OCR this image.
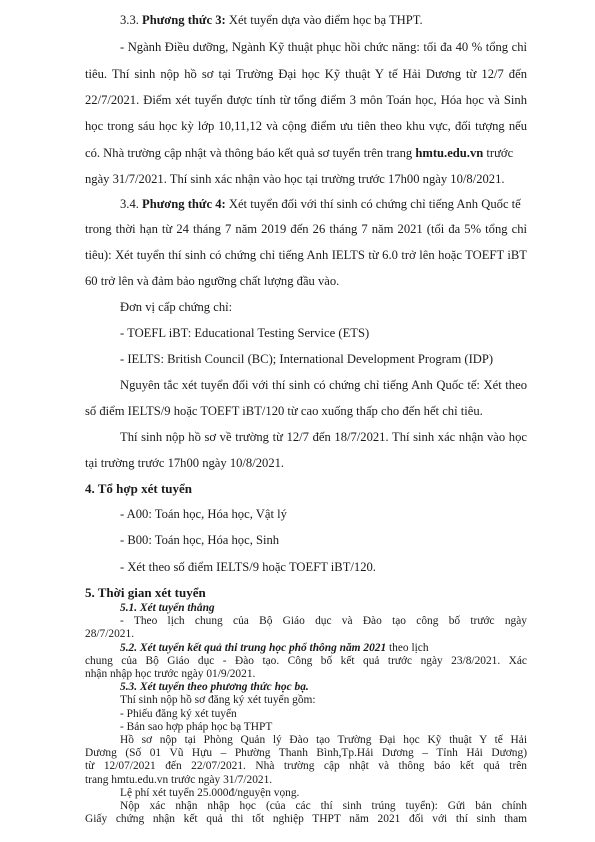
3.3. Phương thức 3: Xét tuyển dựa vào điểm học bạ THPT.
- Ngành Điều dưỡng, Ngành Kỹ thuật phục hồi chức năng: tối đa 40 % tổng chỉ
tiêu. Thí sinh nộp hồ sơ tại Trường Đại học Kỹ thuật Y tế Hải Dương từ 12/7 đến
22/7/2021. Điểm xét tuyển được tính từ tổng điểm 3 môn Toán học, Hóa học và Sinh
học trong sáu học kỳ lớp 10,11,12 và cộng điểm ưu tiên theo khu vực, đối tượng nếu
có. Nhà trường cập nhật và thông báo kết quả sơ tuyển trên trang hmtu.edu.vn trước
ngày 31/7/2021. Thí sinh xác nhận vào học tại trường trước 17h00 ngày 10/8/2021.
3.4. Phương thức 4: Xét tuyển đối với thí sinh có chứng chỉ tiếng Anh Quốc tế
trong thời hạn từ 24 tháng 7 năm 2019 đến 26 tháng 7 năm 2021 (tối đa 5% tổng chỉ
tiêu): Xét tuyển thí sinh có chứng chỉ tiếng Anh IELTS từ 6.0 trở lên hoặc TOEFT iBT
60 trở lên và đảm bảo ngưỡng chất lượng đầu vào.
Đơn vị cấp chứng chỉ:
- TOEFL iBT: Educational Testing Service (ETS)
- IELTS: British Council (BC); International Development Program (IDP)
Nguyên tắc xét tuyển đối với thí sinh có chứng chỉ tiếng Anh Quốc tế: Xét theo
số điểm IELTS/9 hoặc TOEFT iBT/120 từ cao xuống thấp cho đến hết chỉ tiêu.
Thí sinh nộp hồ sơ về trường từ 12/7 đến 18/7/2021. Thí sinh xác nhận vào học
tại trường trước 17h00 ngày 10/8/2021.
4. Tổ hợp xét tuyển
- A00: Toán học, Hóa học, Vật lý
- B00: Toán học, Hóa học, Sinh
- Xét theo số điểm IELTS/9 hoặc TOEFT iBT/120.
5. Thời gian xét tuyển
5.1. Xét tuyển thẳng
- Theo lịch chung của Bộ Giáo dục và Đào tạo công bố trước ngày
28/7/2021.
5.2. Xét tuyển kết quả thi trung học phổ thông năm 2021 theo lịch
chung của Bộ Giáo dục - Đào tạo. Công bố kết quả trước ngày 23/8/2021. Xác
nhận nhập học trước ngày 01/9/2021.
5.3. Xét tuyển theo phương thức học bạ.
Thí sinh nộp hồ sơ đăng ký xét tuyển gồm:
- Phiếu đăng ký xét tuyển
- Bản sao hợp pháp học bạ THPT
Hồ sơ nộp tại Phòng Quản lý Đào tạo Trường Đại học Kỹ thuật Y tế Hải
Dương (Số 01 Vũ Hựu – Phường Thanh Bình,Tp.Hải Dương – Tỉnh Hải Dương)
từ 12/07/2021 đến 22/07/2021. Nhà trường cập nhật và thông báo kết quả trên
trang hmtu.edu.vn trước ngày 31/7/2021.
Lệ phí xét tuyển 25.000đ/nguyện vọng.
Nộp xác nhận nhập học (của các thí sinh trúng tuyển): Gửi bản chính
Giấy chứng nhận kết quả thi tốt nghiệp THPT năm 2021 đối với thí sinh tham
